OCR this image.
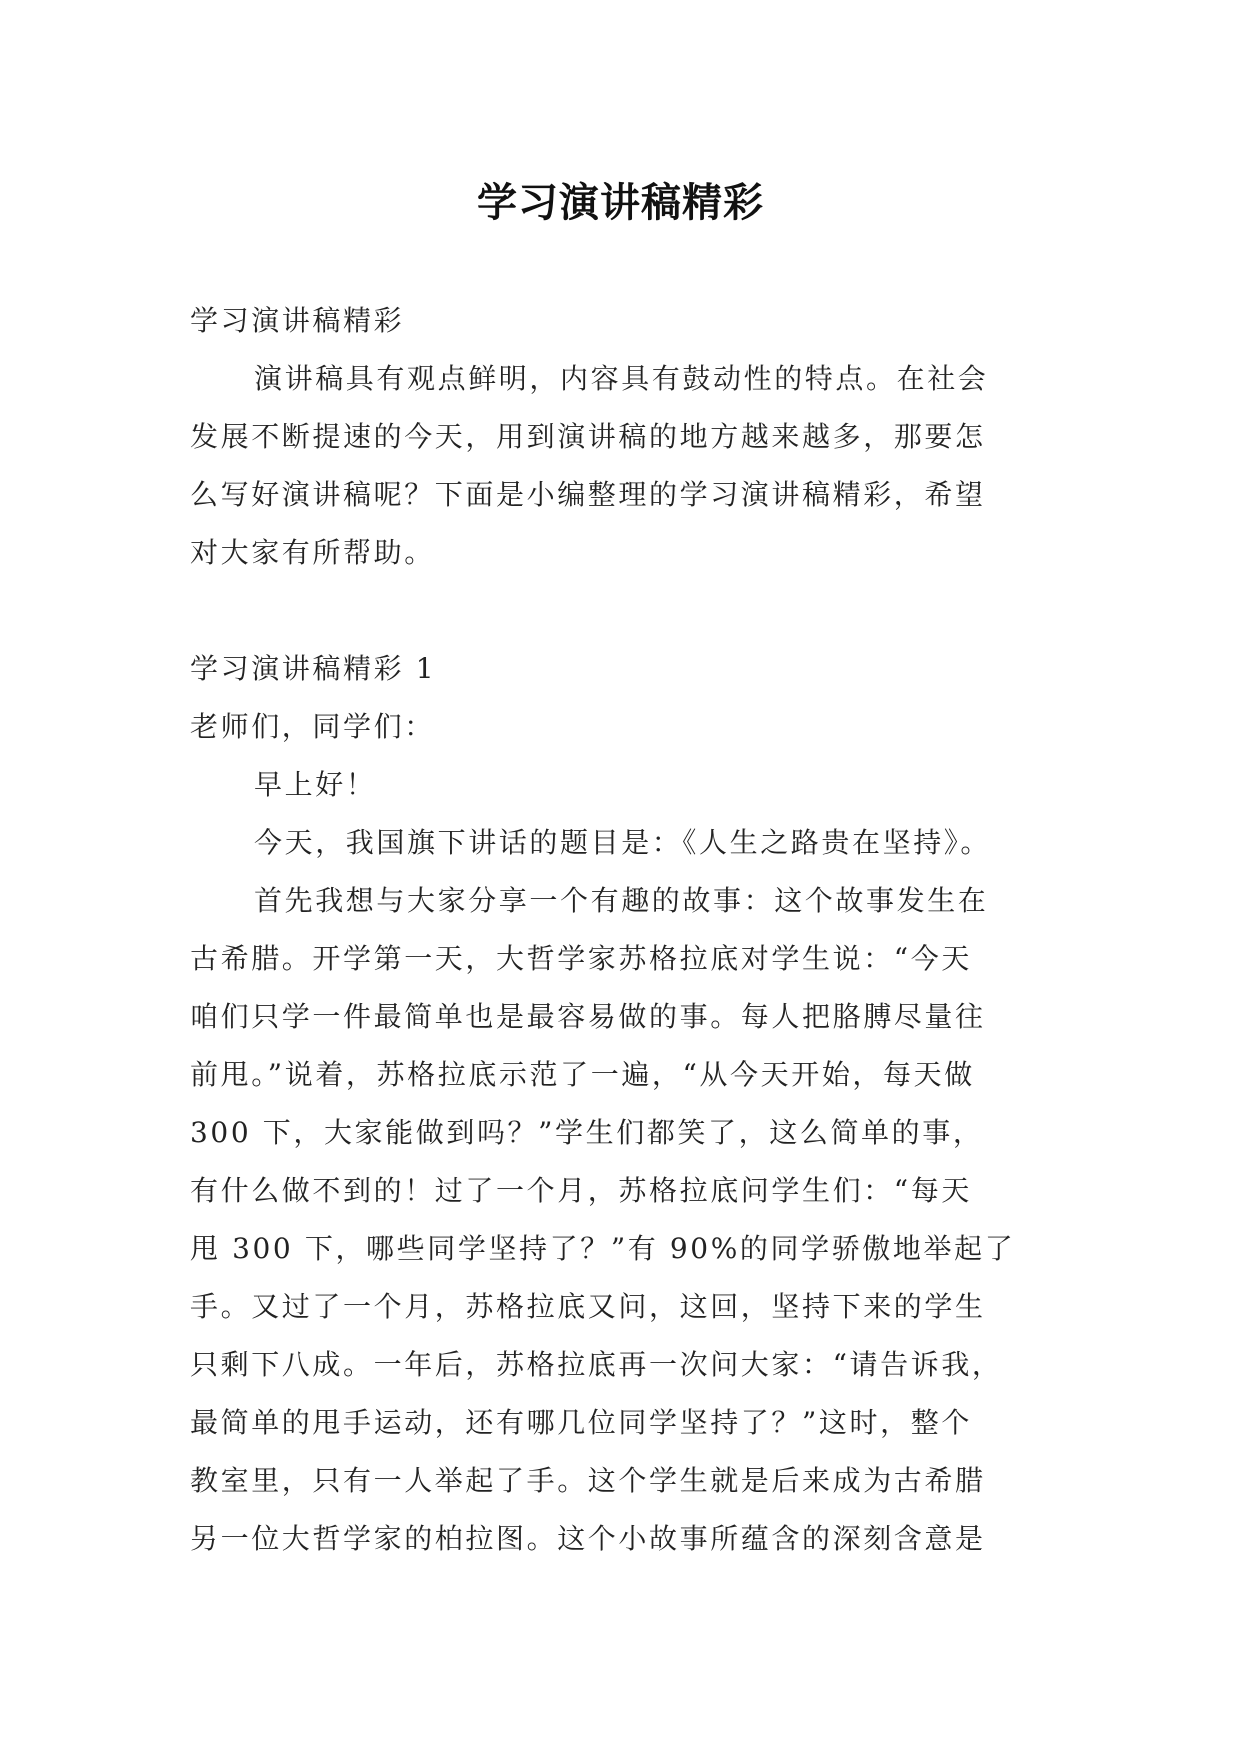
学习演讲稿精彩

学习演讲稿精彩

演讲稿具有观点鲜明，内容具有鼓动性的特点。在社会

发展不断提速的今天，用到演讲稿的地方越来越多，那要怎

么写好演讲稿呢？下面是小编整理的学习演讲稿精彩，希望

对大家有所帮助。

学习演讲稿精彩 1

老师们，同学们：

早上好！

今天，我国旗下讲话的题目是：《人生之路贵在坚持》。

首先我想与大家分享一个有趣的故事：这个故事发生在

古希腊。开学第一天，大哲学家苏格拉底对学生说：“今天

咱们只学一件最简单也是最容易做的事。每人把胳膊尽量往

前甩。”说着，苏格拉底示范了一遍，“从今天开始，每天做

300 下，大家能做到吗？”学生们都笑了，这么简单的事，

有什么做不到的！过了一个月，苏格拉底问学生们：“每天

甩 300 下，哪些同学坚持了？”有 90%的同学骄傲地举起了

手。又过了一个月，苏格拉底又问，这回，坚持下来的学生

只剩下八成。一年后，苏格拉底再一次问大家：“请告诉我，

最简单的甩手运动，还有哪几位同学坚持了？”这时，整个

教室里，只有一人举起了手。这个学生就是后来成为古希腊

另一位大哲学家的柏拉图。这个小故事所蕴含的深刻含意是
